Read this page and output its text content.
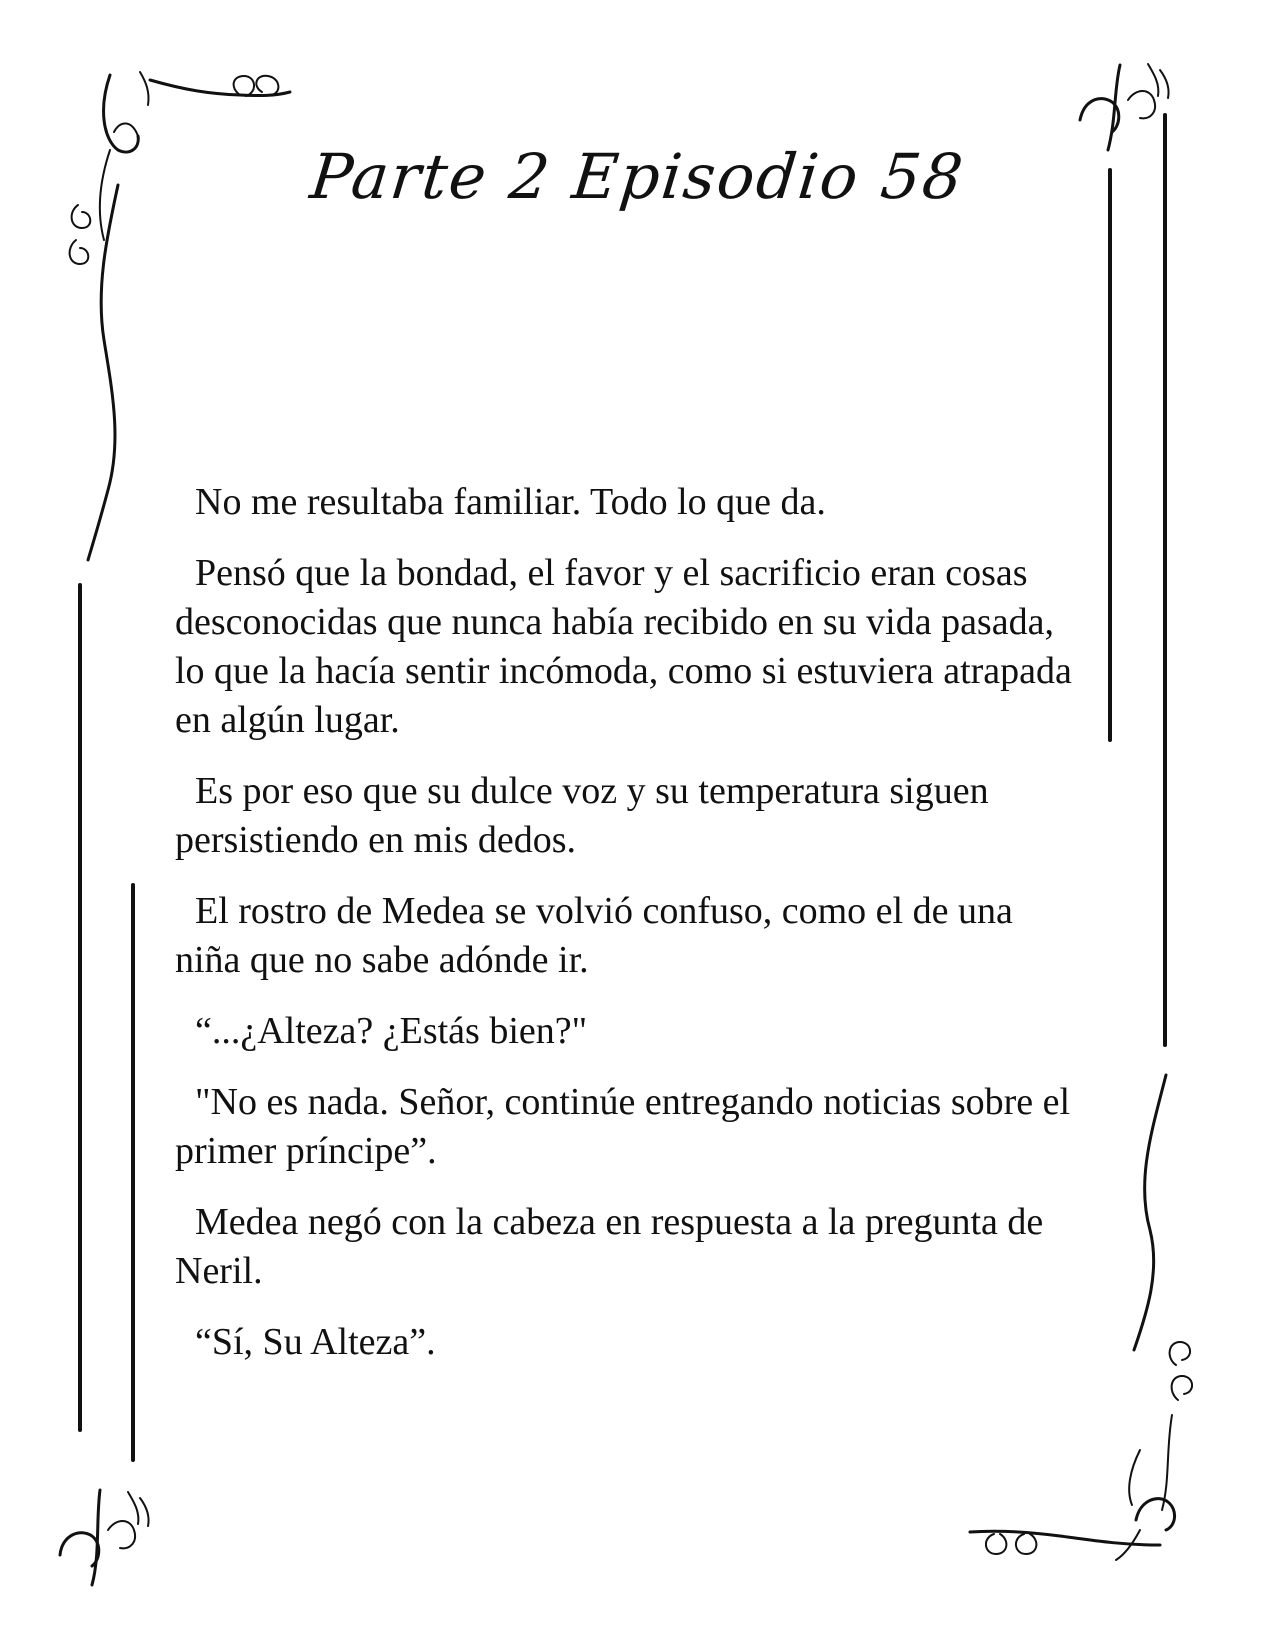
Parte 2 Episodio 58

No me resultaba familiar. Todo lo que da.

Pensó que la bondad, el favor y el sacrificio eran cosas desconocidas que nunca había recibido en su vida pasada, lo que la hacía sentir incómoda, como si estuviera atrapada en algún lugar.

Es por eso que su dulce voz y su temperatura siguen persistiendo en mis dedos.

El rostro de Medea se volvió confuso, como el de una niña que no sabe adónde ir.

“...¿Alteza? ¿Estás bien?"

"No es nada. Señor, continúe entregando noticias sobre el primer príncipe”.

Medea negó con la cabeza en respuesta a la pregunta de Neril.

“Sí, Su Alteza”.
